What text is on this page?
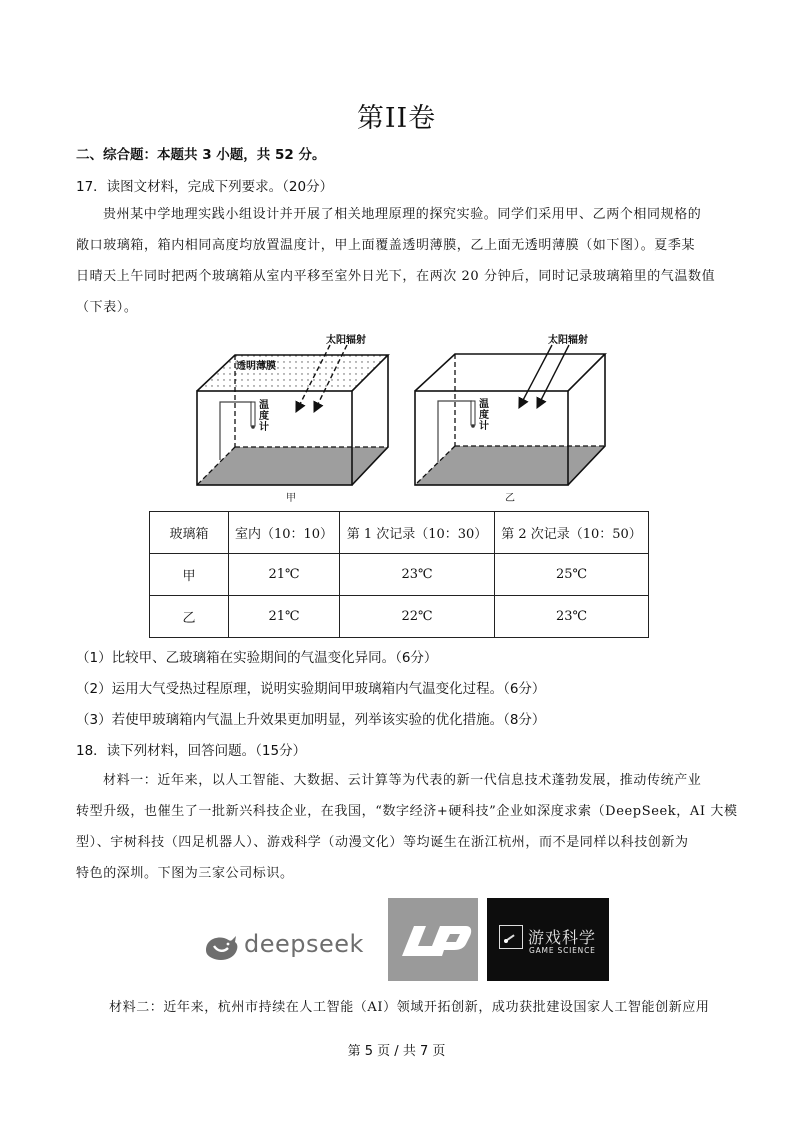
第II卷
二、综合题：本题共 3 小题，共 52 分。
17．读图文材料，完成下列要求。（20分）
贵州某中学地理实践小组设计并开展了相关地理原理的探究实验。同学们采用甲、乙两个相同规格的
敞口玻璃箱，箱内相同高度均放置温度计，甲上面覆盖透明薄膜，乙上面无透明薄膜（如下图）。夏季某
日晴天上午同时把两个玻璃箱从室内平移至室外日光下，在两次 20 分钟后，同时记录玻璃箱里的气温数值
（下表）。
透明薄膜
太阳辐射	太阳辐射
温
度
计
温
度
计
甲	乙
玻璃箱	室内（10：10）	第 1 次记录（10：30）	第 2 次记录（10：50）
甲	21℃	23℃	25℃
乙	21℃	22℃	23℃
（1）比较甲、乙玻璃箱在实验期间的气温变化异同。（6分）
（2）运用大气受热过程原理，说明实验期间甲玻璃箱内气温变化过程。（6分）
（3）若使甲玻璃箱内气温上升效果更加明显，列举该实验的优化措施。（8分）
18．读下列材料，回答问题。（15分）
材料一：近年来，以人工智能、大数据、云计算等为代表的新一代信息技术蓬勃发展，推动传统产业
转型升级，也催生了一批新兴科技企业，在我国，“数字经济+硬科技”企业如深度求索（DeepSeek，AI 大模
型）、宇树科技（四足机器人）、游戏科学（动漫文化）等均诞生在浙江杭州，而不是同样以科技创新为
特色的深圳。下图为三家公司标识。
deepseek	游戏科学
GAME SCIENCE
材料二：近年来，杭州市持续在人工智能（AI）领域开拓创新，成功获批建设国家人工智能创新应用
第 5 页 / 共 7 页
